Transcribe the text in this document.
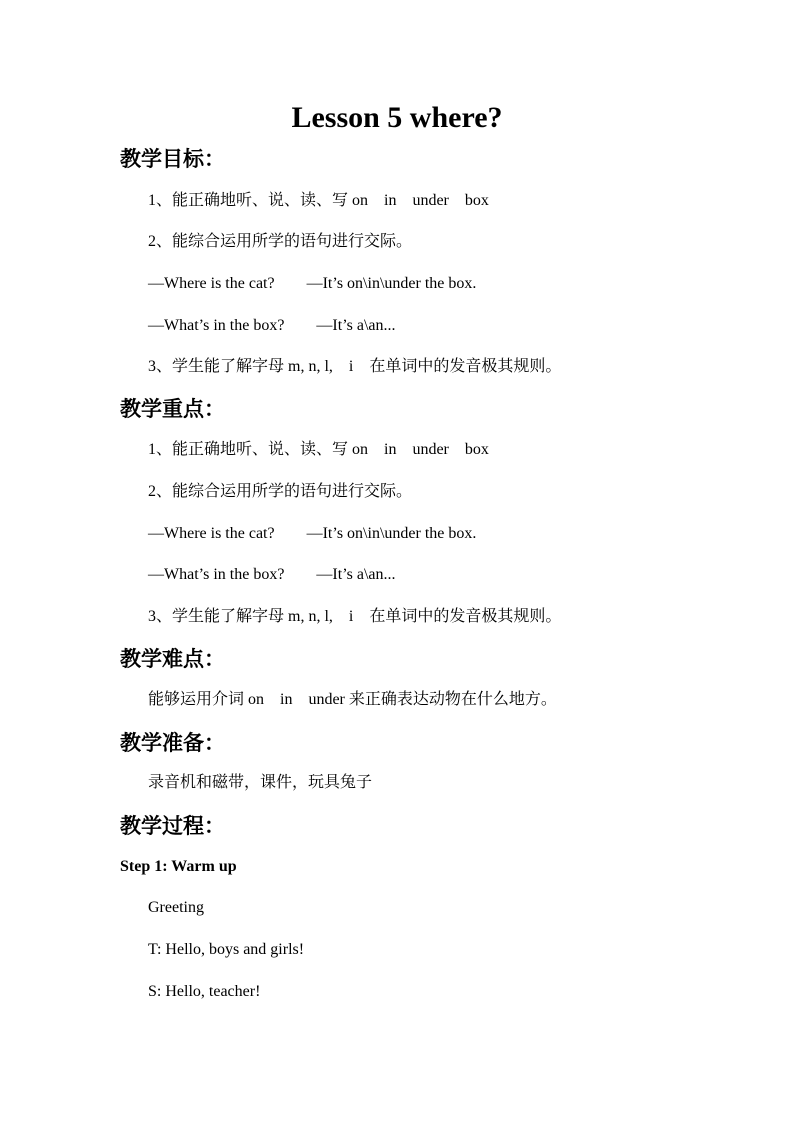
Lesson 5 where?
教学目标：
1、能正确地听、说、读、写 on　in　under　box
2、能综合运用所学的语句进行交际。
—Where is the cat?　　—It’s on\in\under the box.
—What’s in the box?　　—It’s a\an...
3、学生能了解字母 m, n, l,　i　在单词中的发音极其规则。
教学重点：
1、能正确地听、说、读、写 on　in　under　box
2、能综合运用所学的语句进行交际。
—Where is the cat?　　—It’s on\in\under the box.
—What’s in the box?　　—It’s a\an...
3、学生能了解字母 m, n, l,　i　在单词中的发音极其规则。
教学难点：
能够运用介词 on　in　under 来正确表达动物在什么地方。
教学准备：
录音机和磁带，课件，玩具兔子
教学过程：
Step 1: Warm up
Greeting
T: Hello, boys and girls!
S: Hello, teacher!
